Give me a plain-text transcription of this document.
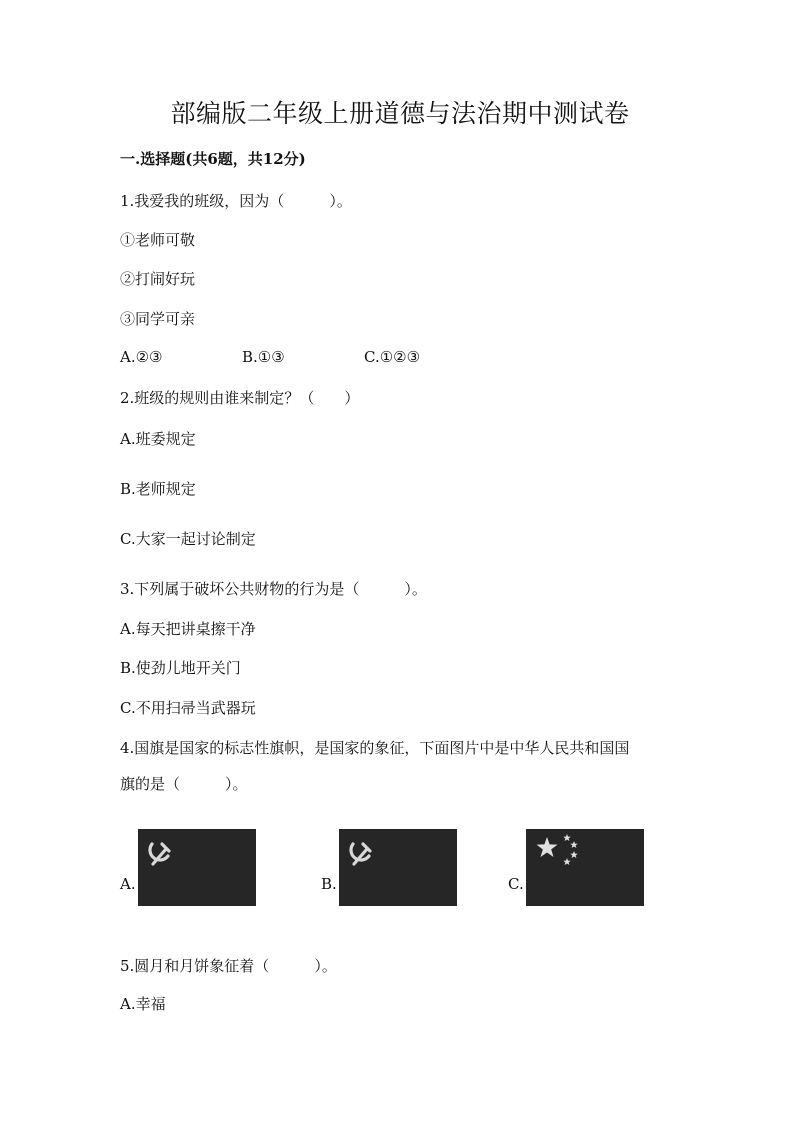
部编版二年级上册道德与法治期中测试卷
一.选择题(共6题，共12分)
1.我爱我的班级，因为（　　　）。
①老师可敬
②打闹好玩
③同学可亲
A.②③	B.①③	C.①②③
2.班级的规则由谁来制定？（　　）
A.班委规定
B.老师规定
C.大家一起讨论制定
3.下列属于破坏公共财物的行为是（　　　）。
A.每天把讲桌擦干净
B.使劲儿地开关门
C.不用扫帚当武器玩
4.国旗是国家的标志性旗帜，是国家的象征，下面图片中是中华人民共和国国
旗的是（　　　）。
A.	B.	C.
5.圆月和月饼象征着（　　　）。
A.幸福
